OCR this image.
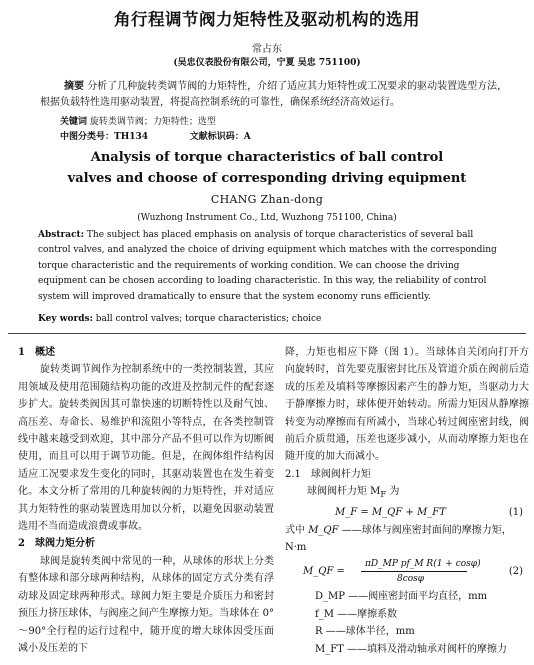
角行程调节阀力矩特性及驱动机构的选用
常占东
(吴忠仪表股份有限公司，宁夏 吴忠 751100)
摘要 分析了几种旋转类调节阀的力矩特性，介绍了适应其力矩特性或工况要求的驱动装置选型方法，根据负载特性选用驱动装置，将提高控制系统的可靠性，确保系统经济高效运行。
关键词 旋转类调节阀；力矩特性；选型
中图分类号：TH134	文献标识码：A
Analysis of torque characteristics of ball control
valves and choose of corresponding driving equipment
CHANG Zhan-dong
(Wuzhong Instrument Co., Ltd, Wuzhong 751100, China)
Abstract: The subject has placed emphasis on analysis of torque characteristics of several ball control valves, and analyzed the choice of driving equipment which matches with the corresponding torque characteristic and the requirements of working condition. We can choose the driving equipment can be chosen according to loading characteristic. In this way, the reliability of control system will improved dramatically to ensure that the system economy runs efficiently.
Key words: ball control valves; torque characteristics; choice

1　概述

旋转类调节阀作为控制系统中的一类控制装置，其应用领域及使用范围随结构功能的改进及控制元件的配套逐步扩大。旋转类阀因其可靠快速的切断特性以及耐气蚀、高压差、寿命长、易维护和流阻小等特点，在各类控制管线中越来越受到欢迎，其中部分产品不但可以作为切断阀使用，而且可以用于调节功能。但是，在阀体组件结构因适应工况要求发生变化的同时，其驱动装置也在发生着变化。本文分析了常用的几种旋转阀的力矩特性，并对适应其力矩特性的驱动装置选用加以分析，以避免因驱动装置选用不当而造成浪费或事故。

2　球阀力矩分析

球阀是旋转类阀中常见的一种，从球体的形状上分类有整体球和部分球两种结构，从球体的固定方式分类有浮动球及固定球两种形式。球阀力矩主要是介质压力和密封预压力挤压球体，与阀座之间产生摩擦力矩。当球体在 0°～90°全行程的运行过程中，随开度的增大球体因受压面减小及压差的下

降，力矩也相应下降（图 1）。当球体自关闭向打开方向旋转时，首先要克服密封比压及管道介质在阀前后造成的压差及填料等摩擦因素产生的静力矩，当驱动力大于静摩擦力时，球体便开始转动。所需力矩因从静摩擦转变为动摩擦而有所减小，当球心转过阀座密封线，阀前后介质贯通，压差也逐步减小，从而动摩擦力矩也在随开度的加大而减小。

2.1　球阀阀杆力矩

球阀阀杆力矩 $M_F$ 为

M_F = M_QF + M_FT	(1)

式中 M_QF ——球体与阀座密封面间的摩擦力矩，N·m

M_QF =
πD_MP pf_M R(1 + cosφ)
8cosφ
(2)

D_MP ——阀座密封面平均直径，mm

f_M ——摩擦系数

R ——球体半径，mm

M_FT ——填料及滑动轴承对阀杆的摩擦力
